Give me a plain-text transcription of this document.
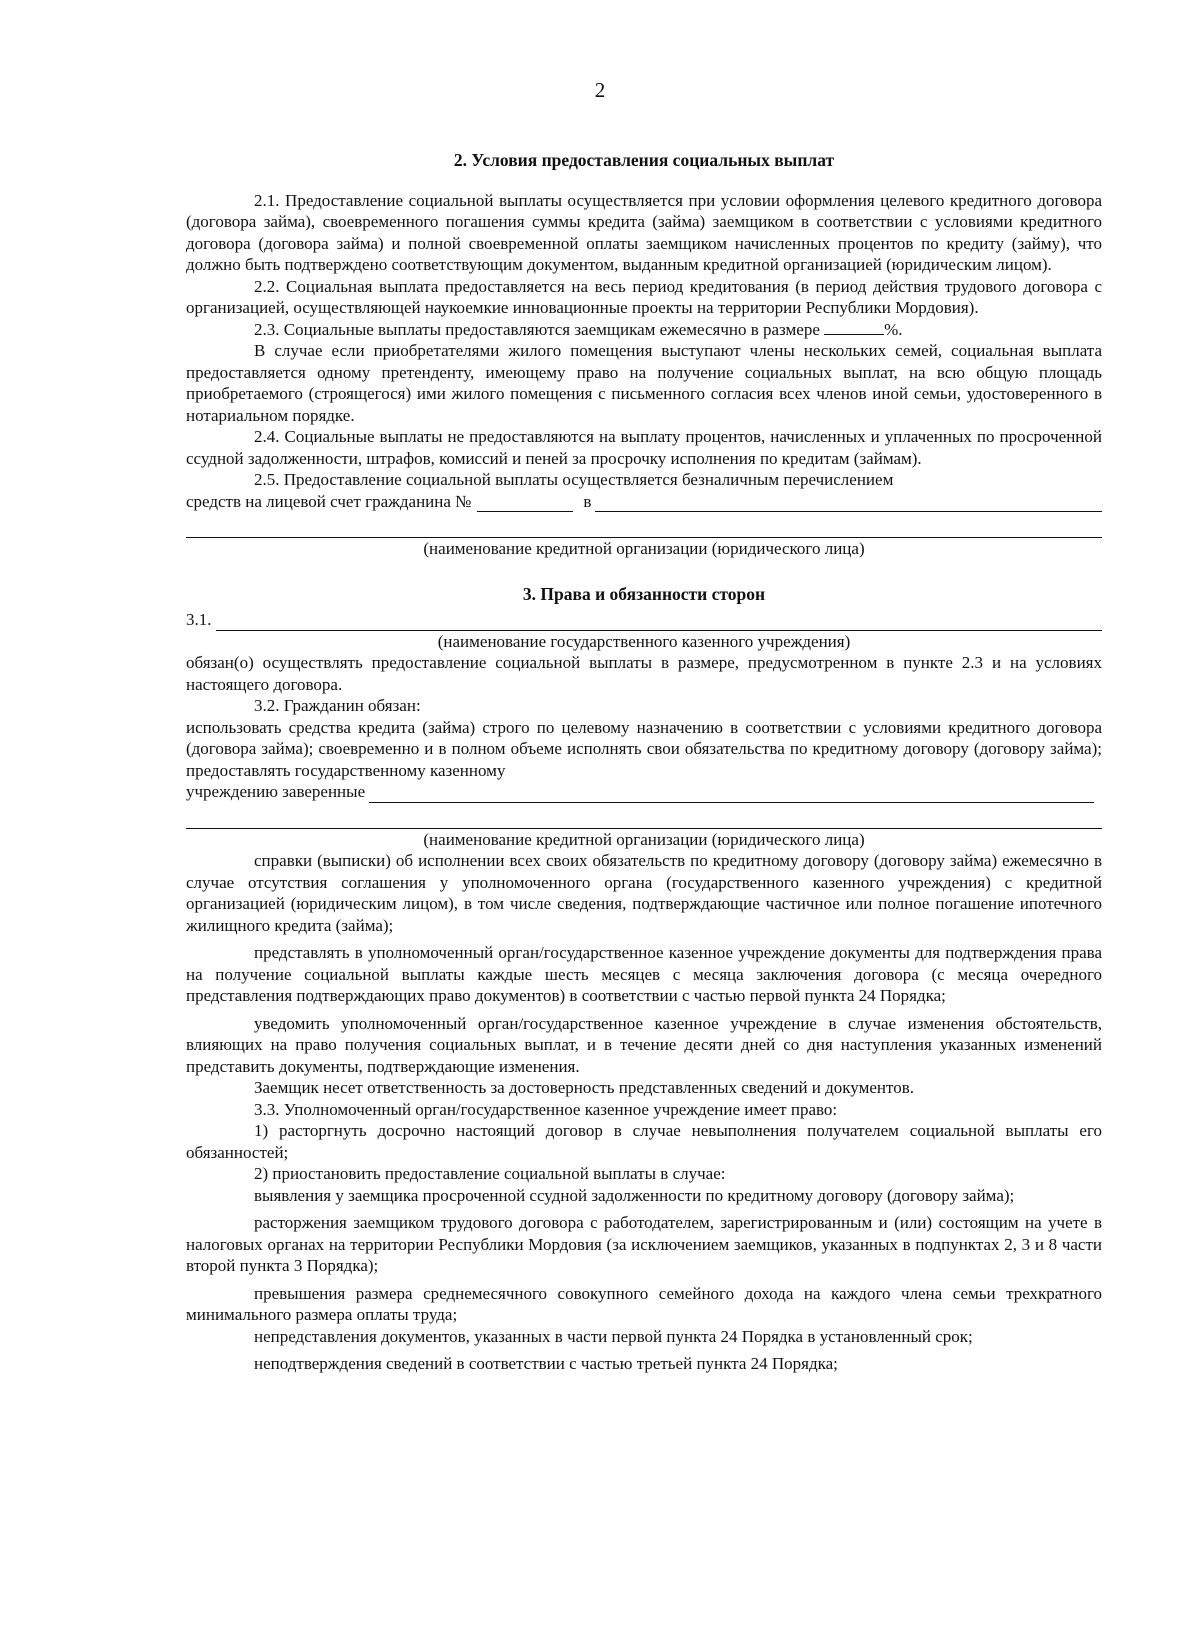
2

2. Условия предоставления социальных выплат

2.1. Предоставление социальной выплаты осуществляется при условии оформления целевого кредитного договора (договора займа), своевременного погашения суммы кредита (займа) заемщиком в соответствии с условиями кредитного договора (договора займа) и полной своевременной оплаты заемщиком начисленных процентов по кредиту (займу), что должно быть подтверждено соответствующим документом, выданным кредитной организацией (юридическим лицом).

2.2. Социальная выплата предоставляется на весь период кредитования (в период действия трудового договора с организацией, осуществляющей наукоемкие инновационные проекты на территории Республики Мордовия).

2.3. Социальные выплаты предоставляются заемщикам ежемесячно в размере	%.

В случае если приобретателями жилого помещения выступают члены нескольких семей, социальная выплата предоставляется одному претенденту, имеющему право на получение социальных выплат, на всю общую площадь приобретаемого (строящегося) ими жилого помещения с письменного согласия всех членов иной семьи, удостоверенного в нотариальном порядке.

2.4. Социальные выплаты не предоставляются на выплату процентов, начисленных и уплаченных по просроченной ссудной задолженности, штрафов, комиссий и пеней за просрочку исполнения по кредитам (займам).

2.5. Предоставление социальной выплаты осуществляется безналичным перечислением

средств на лицевой счет гражданина №	в

(наименование кредитной организации (юридического лица)

3. Права и обязанности сторон

3.1.

(наименование государственного казенного учреждения)

обязан(о) осуществлять предоставление социальной выплаты в размере, предусмотренном в пункте 2.3 и на условиях настоящего договора.

3.2. Гражданин обязан:

использовать средства кредита (займа) строго по целевому назначению в соответствии с условиями кредитного договора (договора займа); своевременно и в полном объеме исполнять свои обязательства по кредитному договору (договору займа); предоставлять государственному казенному

учреждению заверенные

(наименование кредитной организации (юридического лица)

справки (выписки) об исполнении всех своих обязательств по кредитному договору (договору займа) ежемесячно в случае отсутствия соглашения у уполномоченного органа (государственного казенного учреждения) с кредитной организацией (юридическим лицом), в том числе сведения, подтверждающие частичное или полное погашение ипотечного жилищного кредита (займа);

представлять в уполномоченный орган/государственное казенное учреждение документы для подтверждения права на получение социальной выплаты каждые шесть месяцев с месяца заключения договора (с месяца очередного представления подтверждающих право документов) в соответствии с частью первой пункта 24 Порядка;

уведомить уполномоченный орган/государственное казенное учреждение в случае изменения обстоятельств, влияющих на право получения социальных выплат, и в течение десяти дней со дня наступления указанных изменений представить документы, подтверждающие изменения.

Заемщик несет ответственность за достоверность представленных сведений и документов.

3.3. Уполномоченный орган/государственное казенное учреждение имеет право:

1) расторгнуть досрочно настоящий договор в случае невыполнения получателем социальной выплаты его обязанностей;

2) приостановить предоставление социальной выплаты в случае:

выявления у заемщика просроченной ссудной задолженности по кредитному договору (договору займа);

расторжения заемщиком трудового договора с работодателем, зарегистрированным и (или) состоящим на учете в налоговых органах на территории Республики Мордовия (за исключением заемщиков, указанных в подпунктах 2, 3 и 8 части второй пункта 3 Порядка);

превышения размера среднемесячного совокупного семейного дохода на каждого члена семьи трехкратного минимального размера оплаты труда;

непредставления документов, указанных в части первой пункта 24 Порядка в установленный срок;

неподтверждения сведений в соответствии с частью третьей пункта 24 Порядка;
